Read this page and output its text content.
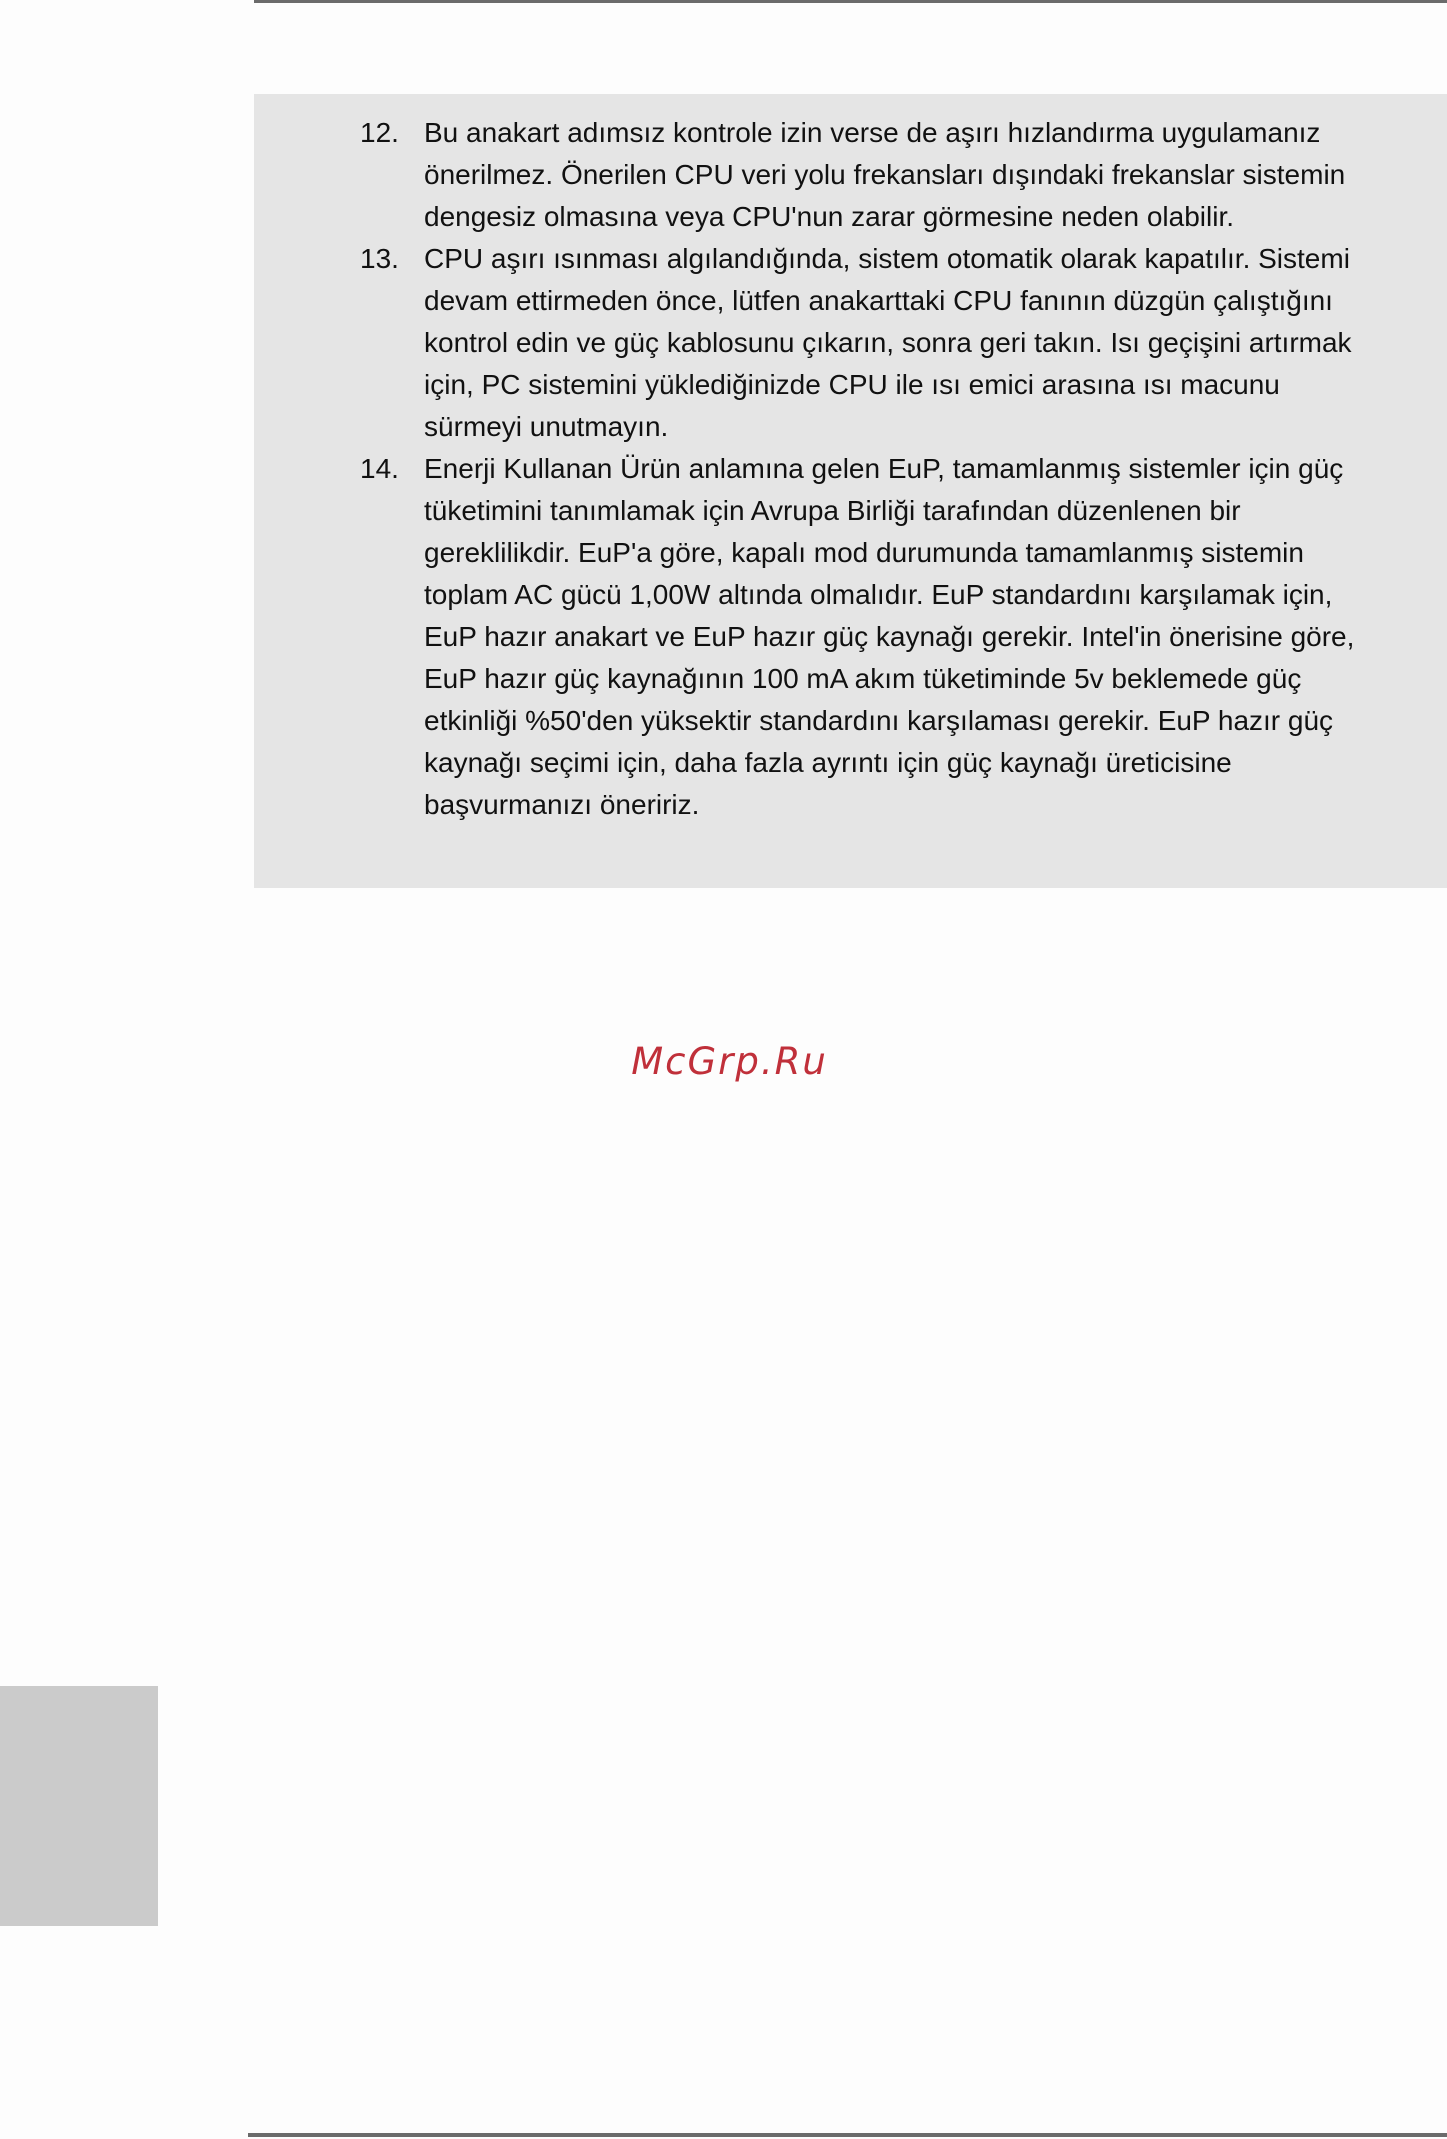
12. Bu anakart adımsız kontrole izin verse de aşırı hızlandırma uygulamanız önerilmez. Önerilen CPU veri yolu frekansları dışındaki frekanslar sistemin dengesiz olmasına veya CPU'nun zarar görmesine neden olabilir.
13. CPU aşırı ısınması algılandığında, sistem otomatik olarak kapatılır. Sistemi devam ettirmeden önce, lütfen anakarttaki CPU fanının düzgün çalıştığını kontrol edin ve güç kablosunu çıkarın, sonra geri takın. Isı geçişini artırmak için, PC sistemini yüklediğinizde CPU ile ısı emici arasına ısı macunu sürmeyi unutmayın.
14. Enerji Kullanan Ürün anlamına gelen EuP, tamamlanmış sistemler için güç tüketimini tanımlamak için Avrupa Birliği tarafından düzenlenen bir gereklilikdir. EuP'a göre, kapalı mod durumunda tamamlanmış sistemin toplam AC gücü 1,00W altında olmalıdır. EuP standardını karşılamak için, EuP hazır anakart ve EuP hazır güç kaynağı gerekir. Intel'in önerisine göre, EuP hazır güç kaynağının 100 mA akım tüketiminde 5v beklemede güç etkinliği %50'den yüksektir standardını karşılaması gerekir. EuP hazır güç kaynağı seçimi için, daha fazla ayrıntı için güç kaynağı üreticisine başvurmanızı öneririz.
McGrp.Ru
